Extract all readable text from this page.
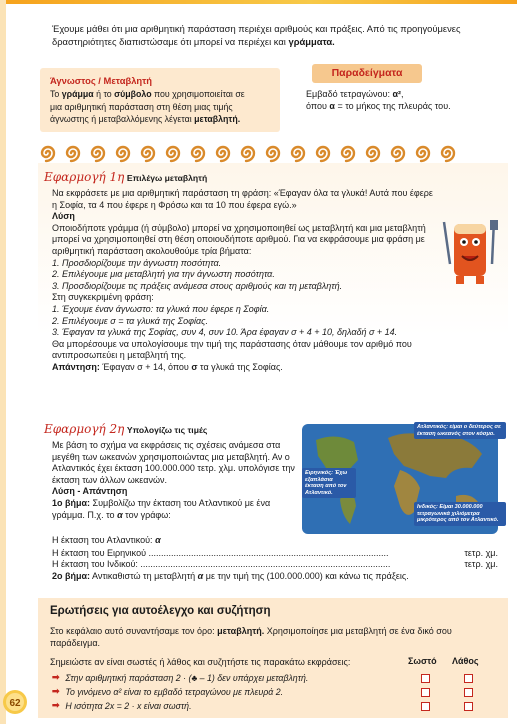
Έχουμε μάθει ότι μια αριθμητική παράσταση περιέχει αριθμούς και πράξεις. Από τις προηγούμενες δραστηριότητες διαπιστώσαμε ότι μπορεί να περιέχει και γράμματα.
Άγνωστος / Μεταβλητή
Το γράμμα ή το σύμβολο που χρησιμοποιείται σε
μια αριθμητική παράσταση στη θέση μιας τιμής
άγνωστης ή μεταβαλλόμενης λέγεται μεταβλητή.
Παραδείγματα
Εμβαδό τετραγώνου: α²,
όπου α = το μήκος της πλευράς του.
Εφαρμογή 1η Επιλέγω μεταβλητή

Να εκφράσετε με μια αριθμητική παράσταση τη φράση: «Έφαγαν όλα τα γλυκά! Αυτά που έφερε η Σοφία, τα 4 που έφερε η Φρόσω και τα 10 που έφερα εγώ.»

Λύση

Οποιοδήποτε γράμμα (ή σύμβολο) μπορεί να χρησιμοποιηθεί ως μεταβλητή και μια μεταβλητή μπορεί να χρησιμοποιηθεί στη θέση οποιουδήποτε αριθμού. Για να εκφράσουμε μια φράση με αριθμητική παράσταση ακολουθούμε τρία βήματα:

1. Προσδιορίζουμε την άγνωστη ποσότητα.

2. Επιλέγουμε μια μεταβλητή για την άγνωστη ποσότητα.

3. Προσδιορίζουμε τις πράξεις ανάμεσα στους αριθμούς και τη μεταβλητή.

Στη συγκεκριμένη φράση:

1. Έχουμε έναν άγνωστο: τα γλυκά που έφερε η Σοφία.

2. Επιλέγουμε σ = τα γλυκά της Σοφίας.

3. Έφαγαν τα γλυκά της Σοφίας, συν 4, συν 10. Άρα έφαγαν σ + 4 + 10, δηλαδή σ + 14.

Θα μπορέσουμε να υπολογίσουμε την τιμή της παράστασης όταν μάθουμε τον αριθμό που αντιπροσωπεύει η μεταβλητή της.

Απάντηση: Έφαγαν σ + 14, όπου σ τα γλυκά της Σοφίας.

Εφαρμογή 2η Υπολογίζω τις τιμές

Με βάση το σχήμα να εκφράσεις τις σχέσεις ανάμεσα στα μεγέθη των ωκεανών χρησιμοποιώντας μια μεταβλητή. Αν ο Ατλαντικός έχει έκταση 100.000.000 τετρ. χλμ. υπολόγισε την έκταση των άλλων ωκεανών.

Λύση - Απάντηση

1ο βήμα: Συμβολίζω την έκταση του Ατλαντικού με ένα γράμμα. Π.χ. το α τον γράφω:

Η έκταση του Ατλαντικού: α

Η έκταση του Ειρηνικού ................................................................................................	τετρ. χμ.

Η έκταση του Ινδικού: ....................................................................................................	τετρ. χμ.

2ο βήμα: Αντικαθιστώ τη μεταβλητή α με την τιμή της (100.000.000) και κάνω τις πράξεις.

Ατλαντικός: είμαι ο δεύτερος σε έκταση ωκεανός στον κόσμο.
Ειρηνικός: Έχω εξαπλάσια έκταση από τον Ατλαντικό.
Ινδικός: Είμαι 30.000.000 τετραγωνικά χιλιόμετρα μικρότερος από τον Ατλαντικό.
Ερωτήσεις για αυτοέλεγχο και συζήτηση
Στο κεφάλαιο αυτό συναντήσαμε τον όρο: μεταβλητή. Χρησιμοποίησε μια μεταβλητή σε ένα δικό σου παράδειγμα.
Σημειώστε αν είναι σωστές ή λάθος και συζητήστε τις παρακάτω εκφράσεις:	Σωστό Λάθος
➡ Στην αριθμητική παράσταση 2 · (♣ – 1) δεν υπάρχει μεταβλητή.
➡ Το γινόμενο α² είναι το εμβαδό τετραγώνου με πλευρά 2.
➡ Η ισότητα 2x = 2 · x είναι σωστή.
62
